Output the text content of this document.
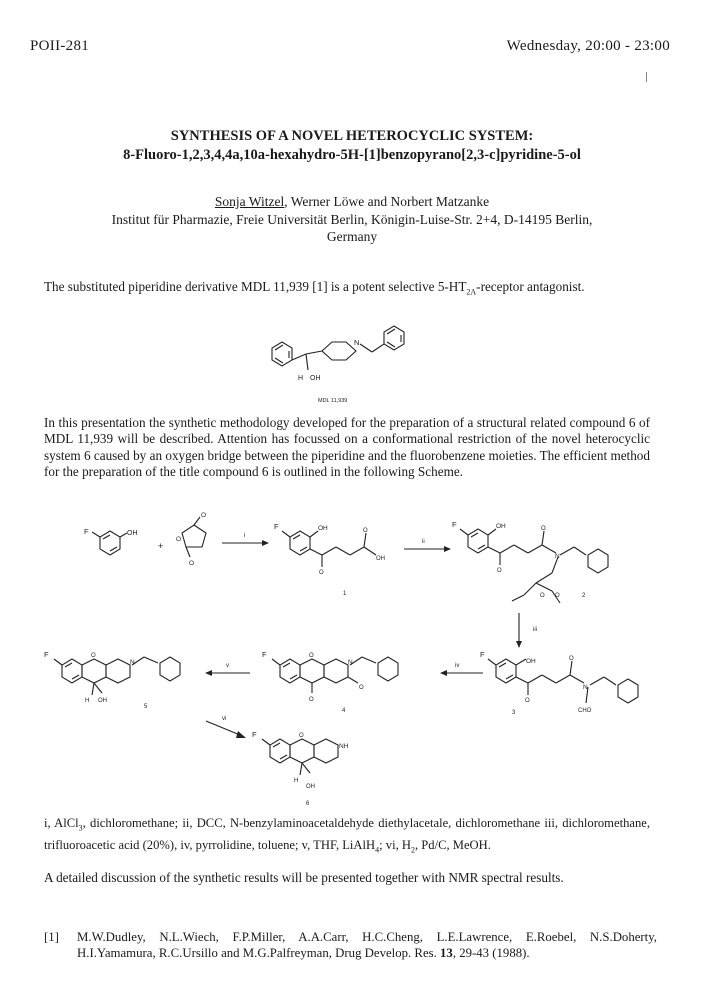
POII-281	Wednesday, 20:00 - 23:00
SYNTHESIS OF A NOVEL HETEROCYCLIC SYSTEM:
8-Fluoro-1,2,3,4,4a,10a-hexahydro-5H-[1]benzopyrano[2,3-c]pyridine-5-ol
Sonja Witzel, Werner Löwe and Norbert Matzanke
Institut für Pharmazie, Freie Universität Berlin, Königin-Luise-Str. 2+4, D-14195 Berlin,
Germany
The substituted piperidine derivative MDL 11,939 [1] is a potent selective $5-HT_{2A}$-receptor antagonist.
H OH
N
MDL 11,939
In this presentation the synthetic methodology developed for the preparation of a structural related compound 6 of MDL 11,939 will be described. Attention has focussed on a conformational restriction of the novel heterocyclic system 6 caused by an oxygen bridge between the piperidine and the fluorobenzene moieties. The efficient method for the preparation of the title compound 6 is outlined in the following Scheme.
F	OH
+
O
O
O
i
F	OH
O
O
OH
1
ii
F	OH
O
O
N
O O	2
iii
F
OH
O
O
N
CHO
3
iv
F	O
O
O
N
4
v
F	O
N
H OH
5
vi
F	O
NH
H
OH
6
i, AlCl$_3$, dichloromethane; ii, DCC, N-benzylaminoacetaldehyde diethylacetale, dichloromethane iii, dichloromethane, trifluoroacetic acid (20%), iv, pyrrolidine, toluene; v, THF, LiAlH$_4$; vi, $H_2$, Pd/C, MeOH.
A detailed discussion of the synthetic results will be presented together with NMR spectral results.
[1] M.W.Dudley, N.L.Wiech, F.P.Miller, A.A.Carr, H.C.Cheng, L.E.Lawrence, E.Roebel, N.S.Doherty, H.I.Yamamura, R.C.Ursillo and M.G.Palfreyman, Drug Develop. Res. 13, 29-43 (1988).
